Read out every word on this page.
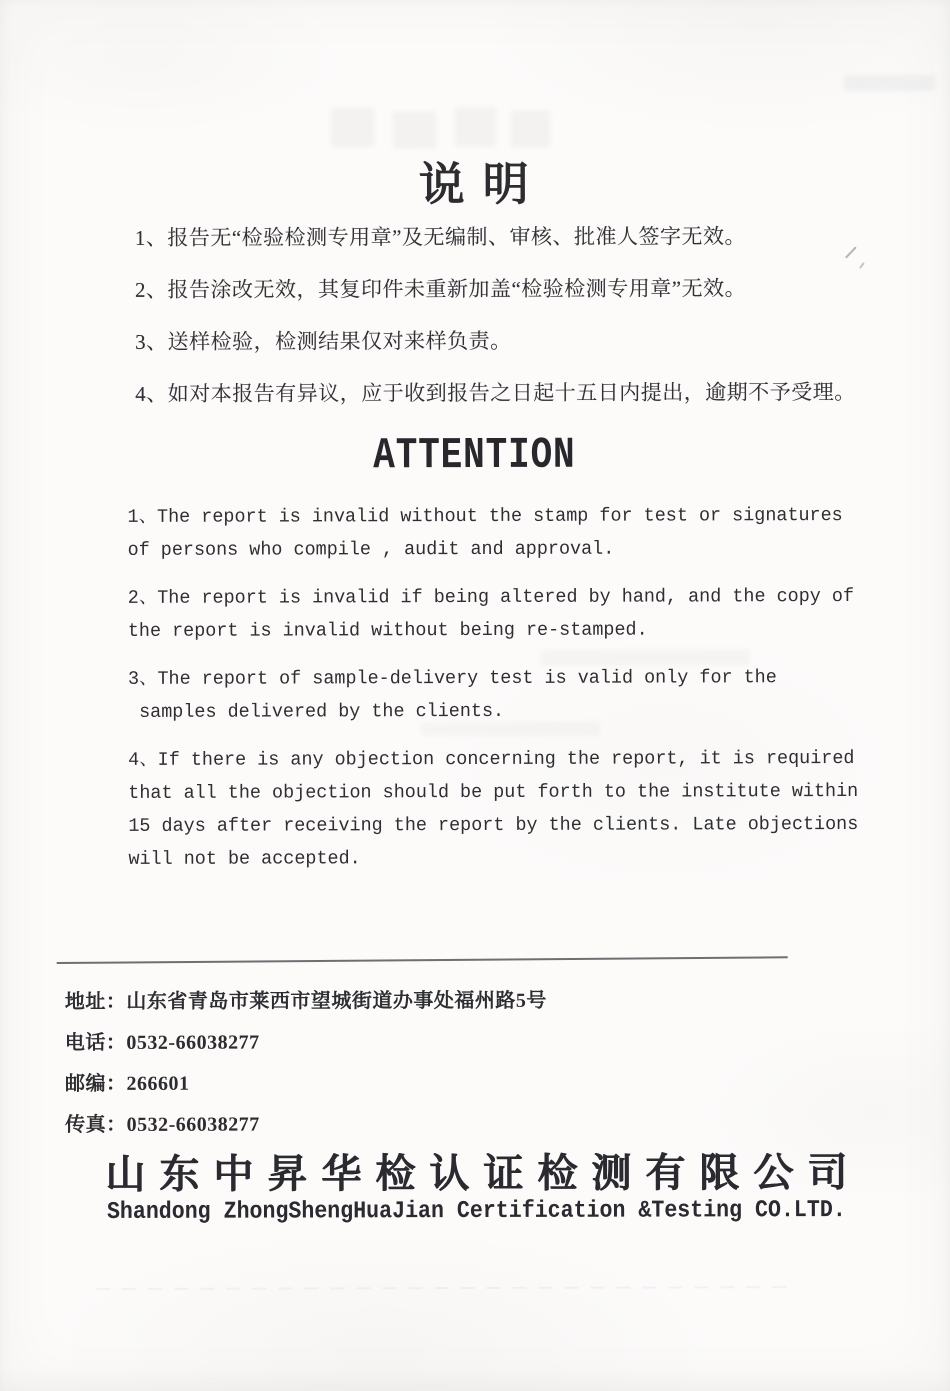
说明
1、报告无“检验检测专用章”及无编制、审核、批准人签字无效。
2、报告涂改无效，其复印件未重新加盖“检验检测专用章”无效。
3、送样检验，检测结果仅对来样负责。
4、如对本报告有异议，应于收到报告之日起十五日内提出，逾期不予受理。
ATTENTION
1、The report is invalid without the stamp for test or signatures
of persons who compile , audit and approval.
2、The report is invalid if being altered by hand, and the copy of
the report is invalid without being re-stamped.
3、The report of sample-delivery test is valid only for the
samples delivered by the clients.
4、If there is any objection concerning the report, it is required
that all the objection should be put forth to the institute within
15 days after receiving the report by the clients. Late objections
will not be accepted.
地址：山东省青岛市莱西市望城街道办事处福州路5号
电话：0532-66038277
邮编：266601
传真：0532-66038277
山东中昇华检认证检测有限公司
Shandong ZhongShengHuaJian Certification &Testing CO.LTD.
